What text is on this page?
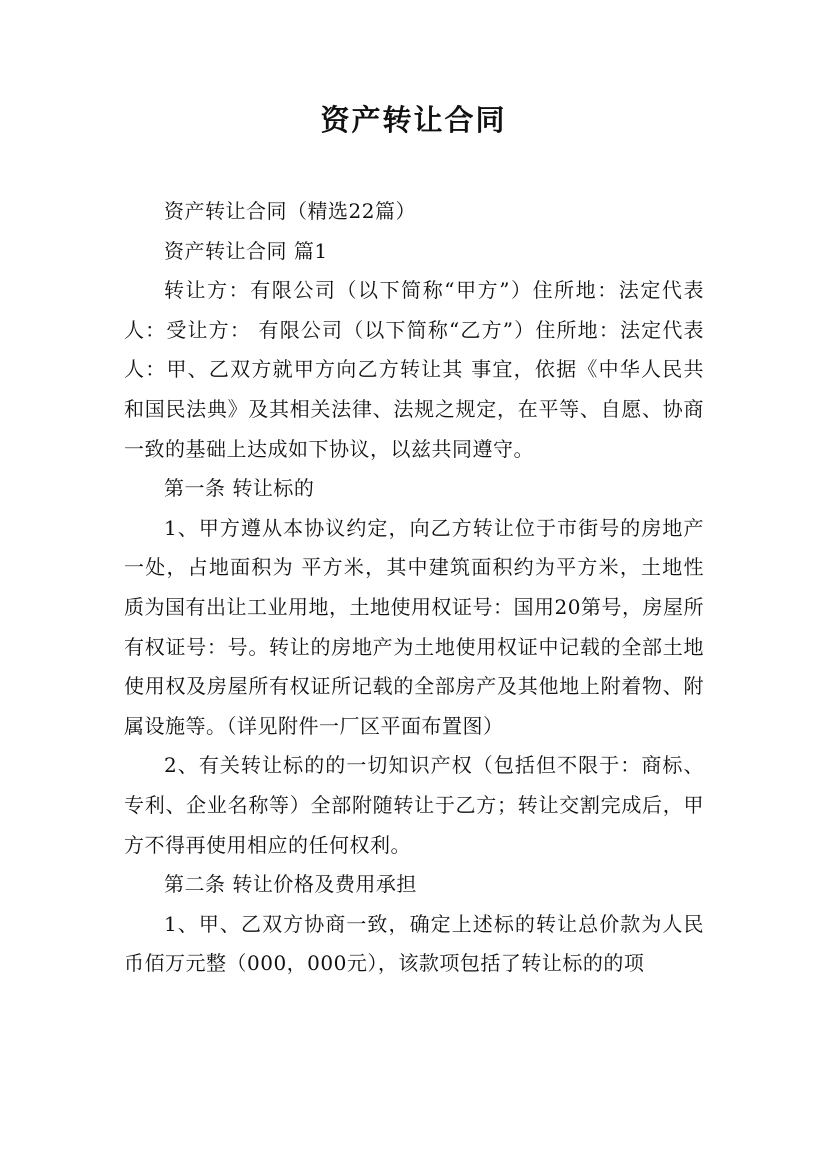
资产转让合同

资产转让合同（精选22篇）

资产转让合同 篇1

转让方：有限公司（以下简称“甲方”）住所地：法定代表人：受让方： 有限公司（以下简称“乙方”）住所地：法定代表人：甲、乙双方就甲方向乙方转让其 事宜，依据《中华人民共和国民法典》及其相关法律、法规之规定，在平等、自愿、协商一致的基础上达成如下协议，以兹共同遵守。

第一条 转让标的

1、甲方遵从本协议约定，向乙方转让位于市街号的房地产一处，占地面积为 平方米，其中建筑面积约为平方米，土地性质为国有出让工业用地，土地使用权证号：国用20第号，房屋所有权证号：号。转让的房地产为土地使用权证中记载的全部土地使用权及房屋所有权证所记载的全部房产及其他地上附着物、附属设施等。（详见附件一厂区平面布置图）

2、有关转让标的的一切知识产权（包括但不限于：商标、专利、企业名称等）全部附随转让于乙方；转让交割完成后，甲方不得再使用相应的任何权利。

第二条 转让价格及费用承担

1、甲、乙双方协商一致，确定上述标的转让总价款为人民币佰万元整（000，000元），该款项包括了转让标的的项
